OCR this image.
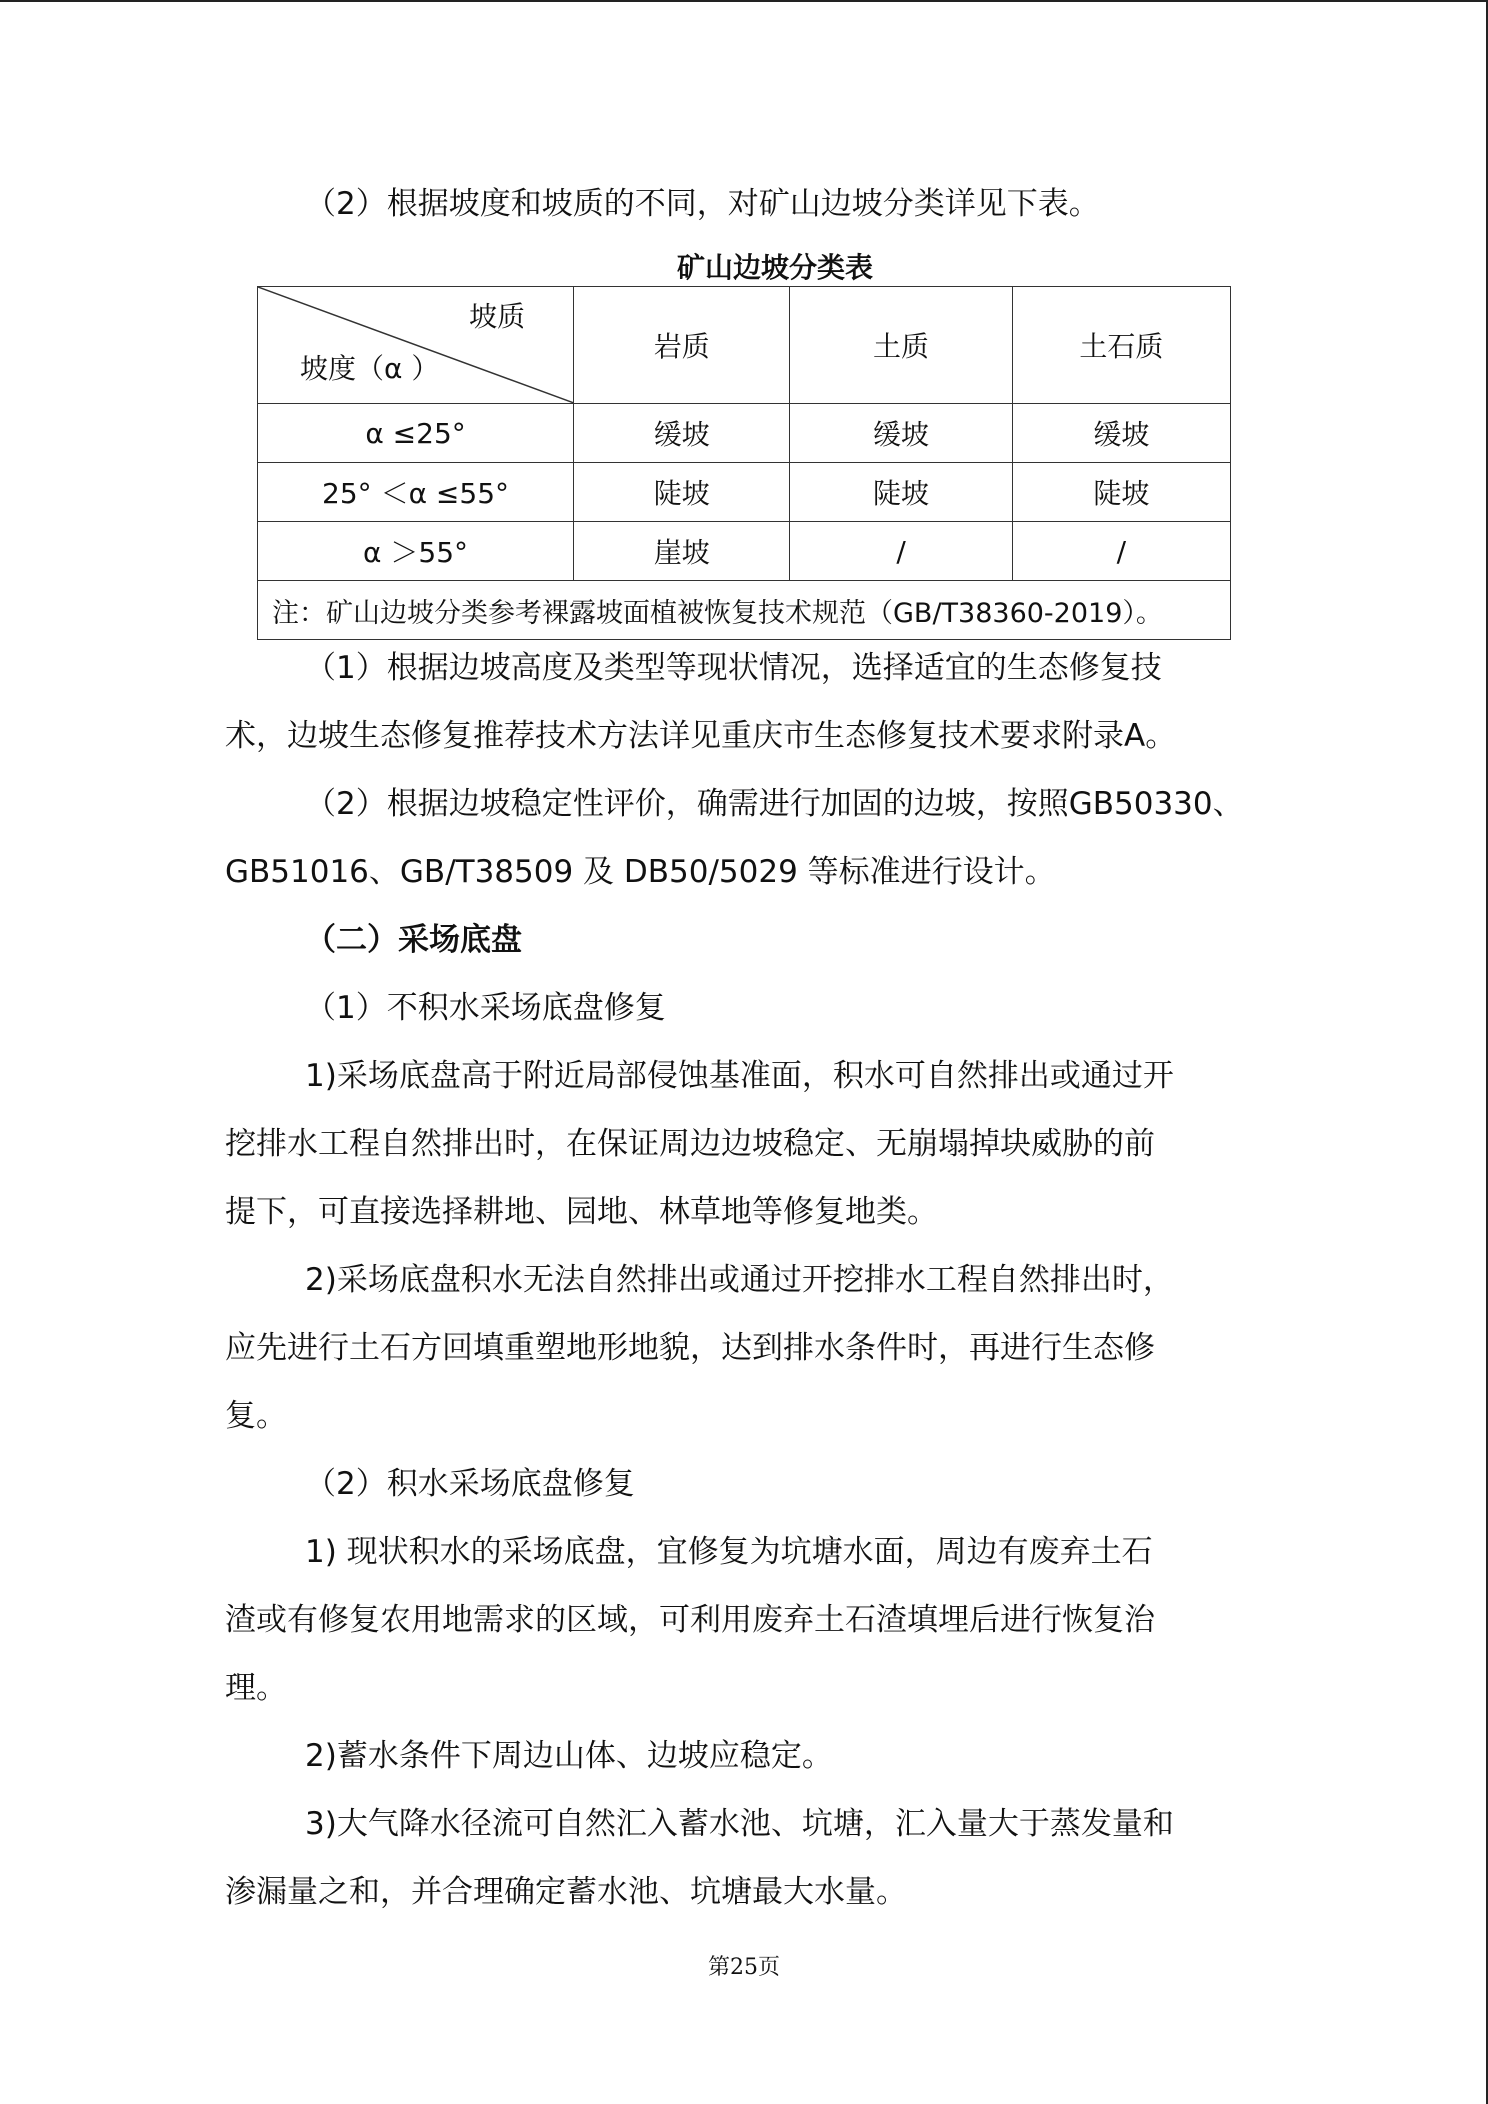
（2）根据坡度和坡质的不同，对矿山边坡分类详见下表。
矿山边坡分类表
坡质
坡度（α ）	岩质	土质	土石质
α ≤25°	缓坡	缓坡	缓坡
25° ＜α ≤55°	陡坡	陡坡	陡坡
α ＞55°	崖坡	/	/
注：矿山边坡分类参考裸露坡面植被恢复技术规范（GB/T38360-2019）。			
（1）根据边坡高度及类型等现状情况，选择适宜的生态修复技
术，边坡生态修复推荐技术方法详见重庆市生态修复技术要求附录A。
（2）根据边坡稳定性评价，确需进行加固的边坡，按照GB50330、
GB51016、GB/T38509 及 DB50/5029 等标准进行设计。
（二）采场底盘
（1）不积水采场底盘修复
1)采场底盘高于附近局部侵蚀基准面，积水可自然排出或通过开
挖排水工程自然排出时，在保证周边边坡稳定、无崩塌掉块威胁的前
提下，可直接选择耕地、园地、林草地等修复地类。
2)采场底盘积水无法自然排出或通过开挖排水工程自然排出时，
应先进行土石方回填重塑地形地貌，达到排水条件时，再进行生态修
复。
（2）积水采场底盘修复
1) 现状积水的采场底盘，宜修复为坑塘水面，周边有废弃土石
渣或有修复农用地需求的区域，可利用废弃土石渣填埋后进行恢复治
理。
2)蓄水条件下周边山体、边坡应稳定。
3)大气降水径流可自然汇入蓄水池、坑塘，汇入量大于蒸发量和
渗漏量之和，并合理确定蓄水池、坑塘最大水量。
第25页
